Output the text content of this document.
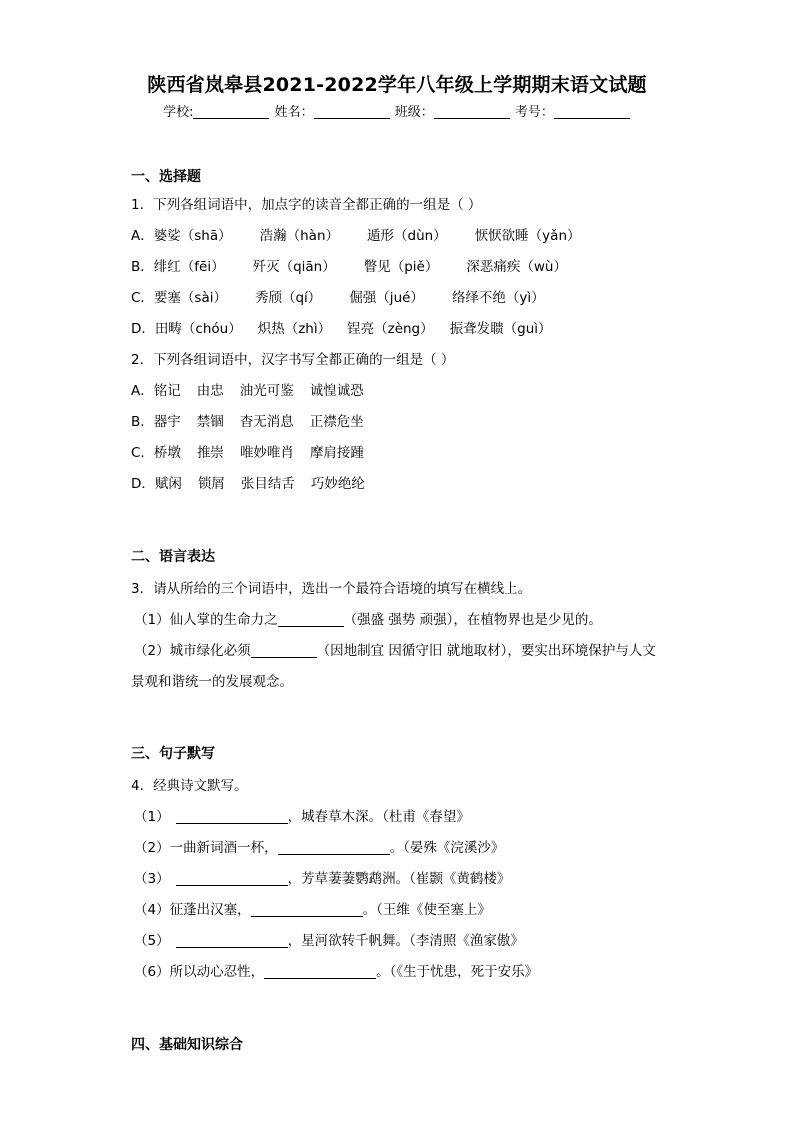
陕西省岚皋县2021-2022学年八年级上学期期末语文试题
学校:	姓名：	班级：	考号：
一、选择题
1．下列各组词语中，加点字的读音全都正确的一组是（ ）
A．婆娑（shā） 浩瀚（hàn） 遁形（dùn） 恹恹欲睡（yǎn）
B．绯红（fēi） 歼灭（qiān） 瞥见（piě） 深恶痛疾（wù）
C．要塞（sài） 秀颀（qí） 倔强（jué） 络绎不绝（yì）
D．田畴（chóu） 炽热（zhì） 锃亮（zèng） 振聋发聩（guì）
2．下列各组词语中，汉字书写全都正确的一组是（ ）
A．铭记 由忠 油光可鉴 诚惶诚恐
B．器宇 禁锢 杳无消息 正襟危坐
C．桥墩 推崇 唯妙唯肖 摩肩接踵
D．赋闲 锁屑 张目结舌 巧妙绝纶
二、语言表达
3．请从所给的三个词语中，选出一个最符合语境的填写在横线上。
（1）仙人掌的生命力之	（强盛 强势 顽强），在植物界也是少见的。
（2）城市绿化必须	（因地制宜 因循守旧 就地取材），要实出环境保护与人文
景观和谐统一的发展观念。
三、句子默写
4．经典诗文默写。
（1）	，城春草木深。（杜甫《春望》
（2）一曲新词酒一杯，	。（晏殊《浣溪沙》
（3）	，芳草萋萋鹦鹉洲。（崔颢《黄鹤楼》
（4）征蓬出汉塞，	。（王维《使至塞上》
（5）	，星河欲转千帆舞。（李清照《渔家傲》
（6）所以动心忍性，	。（《生于忧患，死于安乐》
四、基础知识综合
